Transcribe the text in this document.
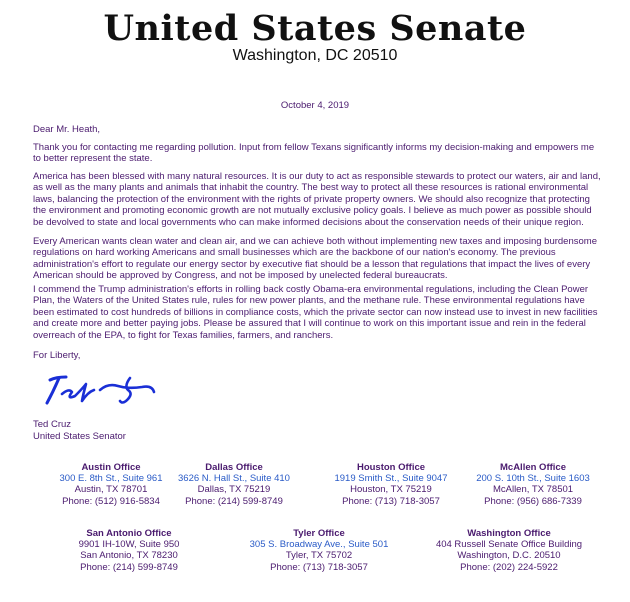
United States Senate
Washington, DC 20510
October 4, 2019
Dear Mr. Heath,
Thank you for contacting me regarding pollution. Input from fellow Texans significantly informs my decision-making and empowers me to better represent the state.
America has been blessed with many natural resources. It is our duty to act as responsible stewards to protect our waters, air and land, as well as the many plants and animals that inhabit the country. The best way to protect all these resources is rational environmental laws, balancing the protection of the environment with the rights of private property owners. We should also recognize that protecting the environment and promoting economic growth are not mutually exclusive policy goals. I believe as much power as possible should be devolved to state and local governments who can make informed decisions about the conservation needs of their unique region.
Every American wants clean water and clean air, and we can achieve both without implementing new taxes and imposing burdensome regulations on hard working Americans and small businesses which are the backbone of our nation's economy. The previous administration's effort to regulate our energy sector by executive fiat should be a lesson that regulations that impact the lives of every American should be approved by Congress, and not be imposed by unelected federal bureaucrats.
I commend the Trump administration's efforts in rolling back costly Obama-era environmental regulations, including the Clean Power Plan, the Waters of the United States rule, rules for new power plants, and the methane rule. These environmental regulations have been estimated to cost hundreds of billions in compliance costs, which the private sector can now instead use to invest in new facilities and create more and better paying jobs. Please be assured that I will continue to work on this important issue and rein in the federal overreach of the EPA, to fight for Texas families, farmers, and ranchers.
For Liberty,
Ted Cruz
United States Senator
Austin Office
300 E. 8th St., Suite 961
Austin, TX 78701
Phone: (512) 916-5834
Dallas Office
3626 N. Hall St., Suite 410
Dallas, TX 75219
Phone: (214) 599-8749
Houston Office
1919 Smith St., Suite 9047
Houston, TX 75219
Phone: (713) 718-3057
McAllen Office
200 S. 10th St., Suite 1603
McAllen, TX 78501
Phone: (956) 686-7339
San Antonio Office
9901 IH-10W, Suite 950
San Antonio, TX 78230
Phone: (214) 599-8749
Tyler Office
305 S. Broadway Ave., Suite 501
Tyler, TX 75702
Phone: (713) 718-3057
Washington Office
404 Russell Senate Office Building
Washington, D.C. 20510
Phone: (202) 224-5922
